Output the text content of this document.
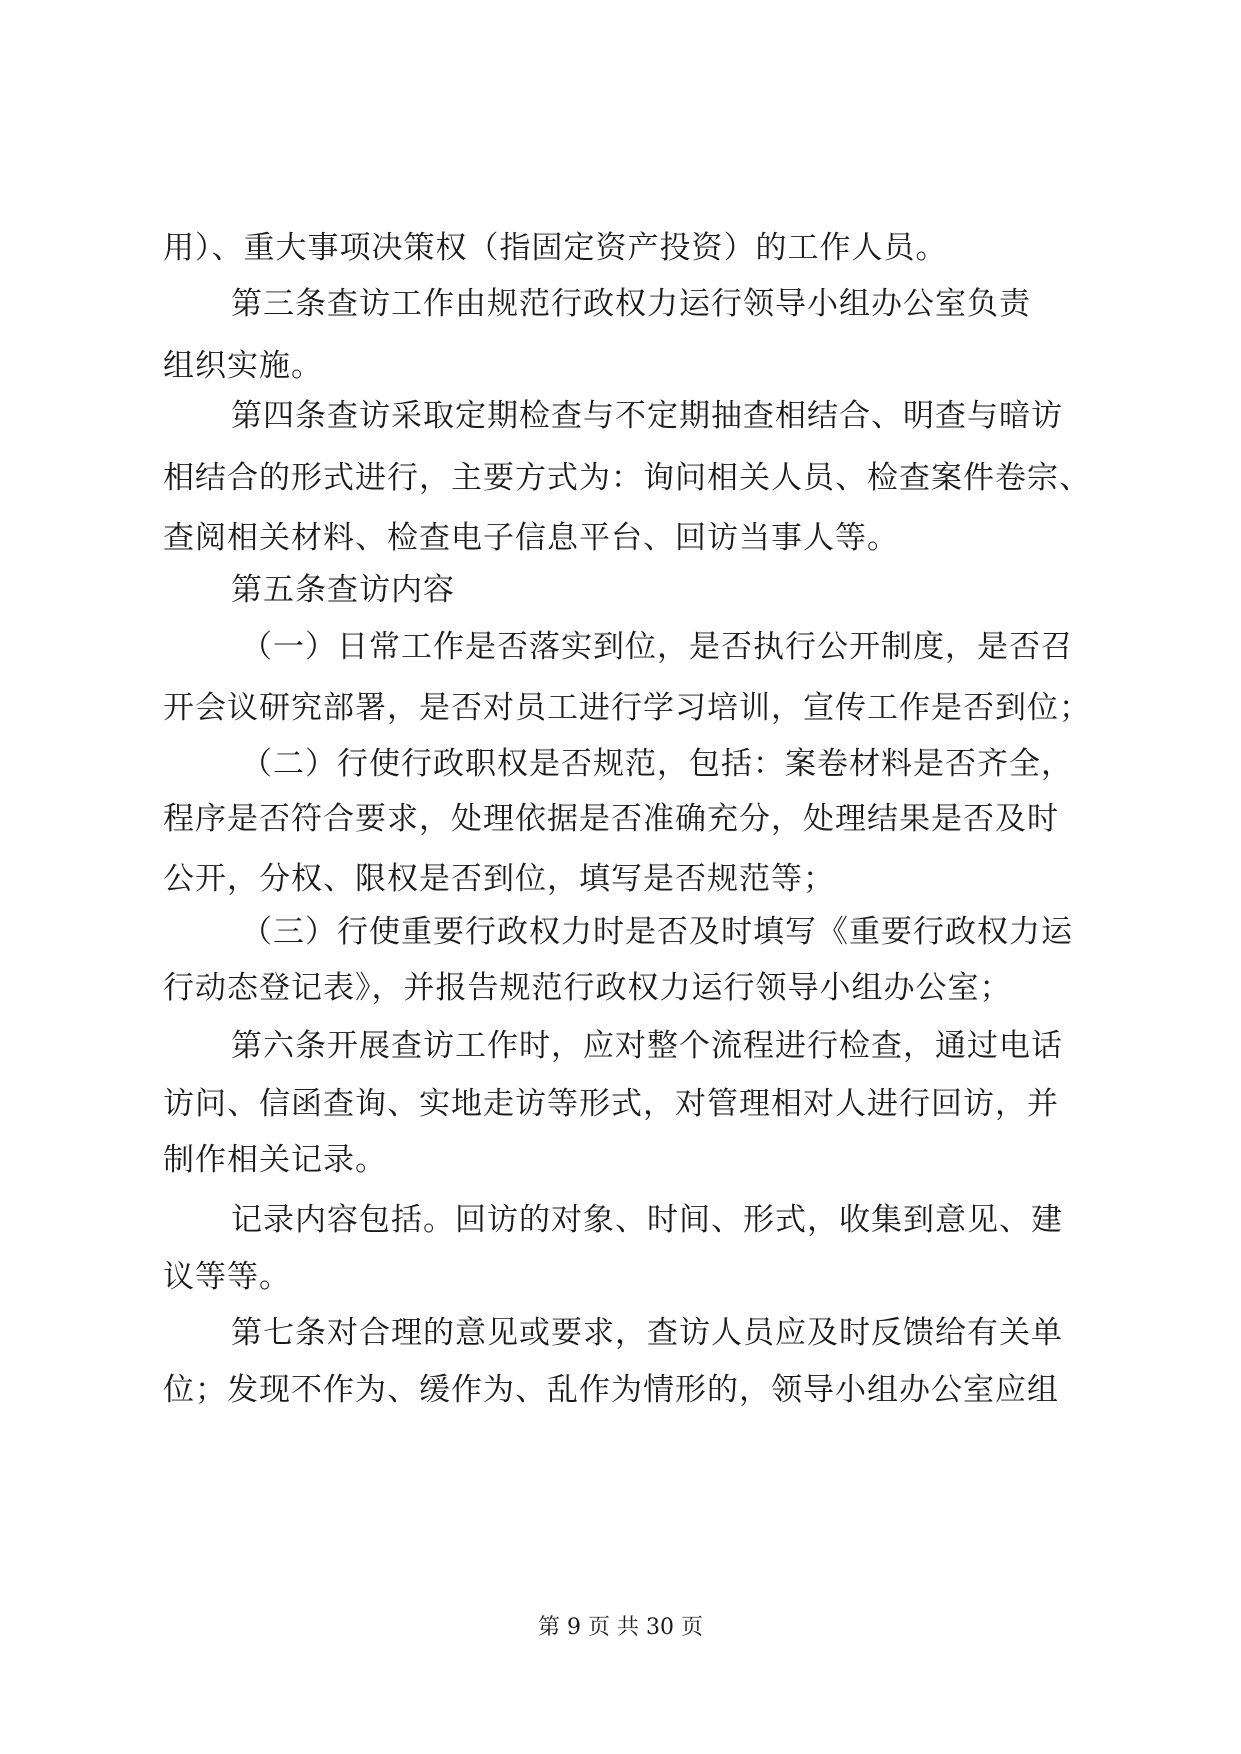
用）、重大事项决策权（指固定资产投资）的工作人员。
第三条查访工作由规范行政权力运行领导小组办公室负责
组织实施。
第四条查访采取定期检查与不定期抽查相结合、明查与暗访
相结合的形式进行，主要方式为：询问相关人员、检查案件卷宗、
查阅相关材料、检查电子信息平台、回访当事人等。
第五条查访内容
（一）日常工作是否落实到位，是否执行公开制度，是否召
开会议研究部署，是否对员工进行学习培训，宣传工作是否到位；
（二）行使行政职权是否规范，包括：案卷材料是否齐全，
程序是否符合要求，处理依据是否准确充分，处理结果是否及时
公开，分权、限权是否到位，填写是否规范等；
（三）行使重要行政权力时是否及时填写《重要行政权力运
行动态登记表》，并报告规范行政权力运行领导小组办公室；
第六条开展查访工作时，应对整个流程进行检查，通过电话
访问、信函查询、实地走访等形式，对管理相对人进行回访，并
制作相关记录。
记录内容包括。回访的对象、时间、形式，收集到意见、建
议等等。
第七条对合理的意见或要求，查访人员应及时反馈给有关单
位；发现不作为、缓作为、乱作为情形的，领导小组办公室应组
第 9 页 共 30 页
